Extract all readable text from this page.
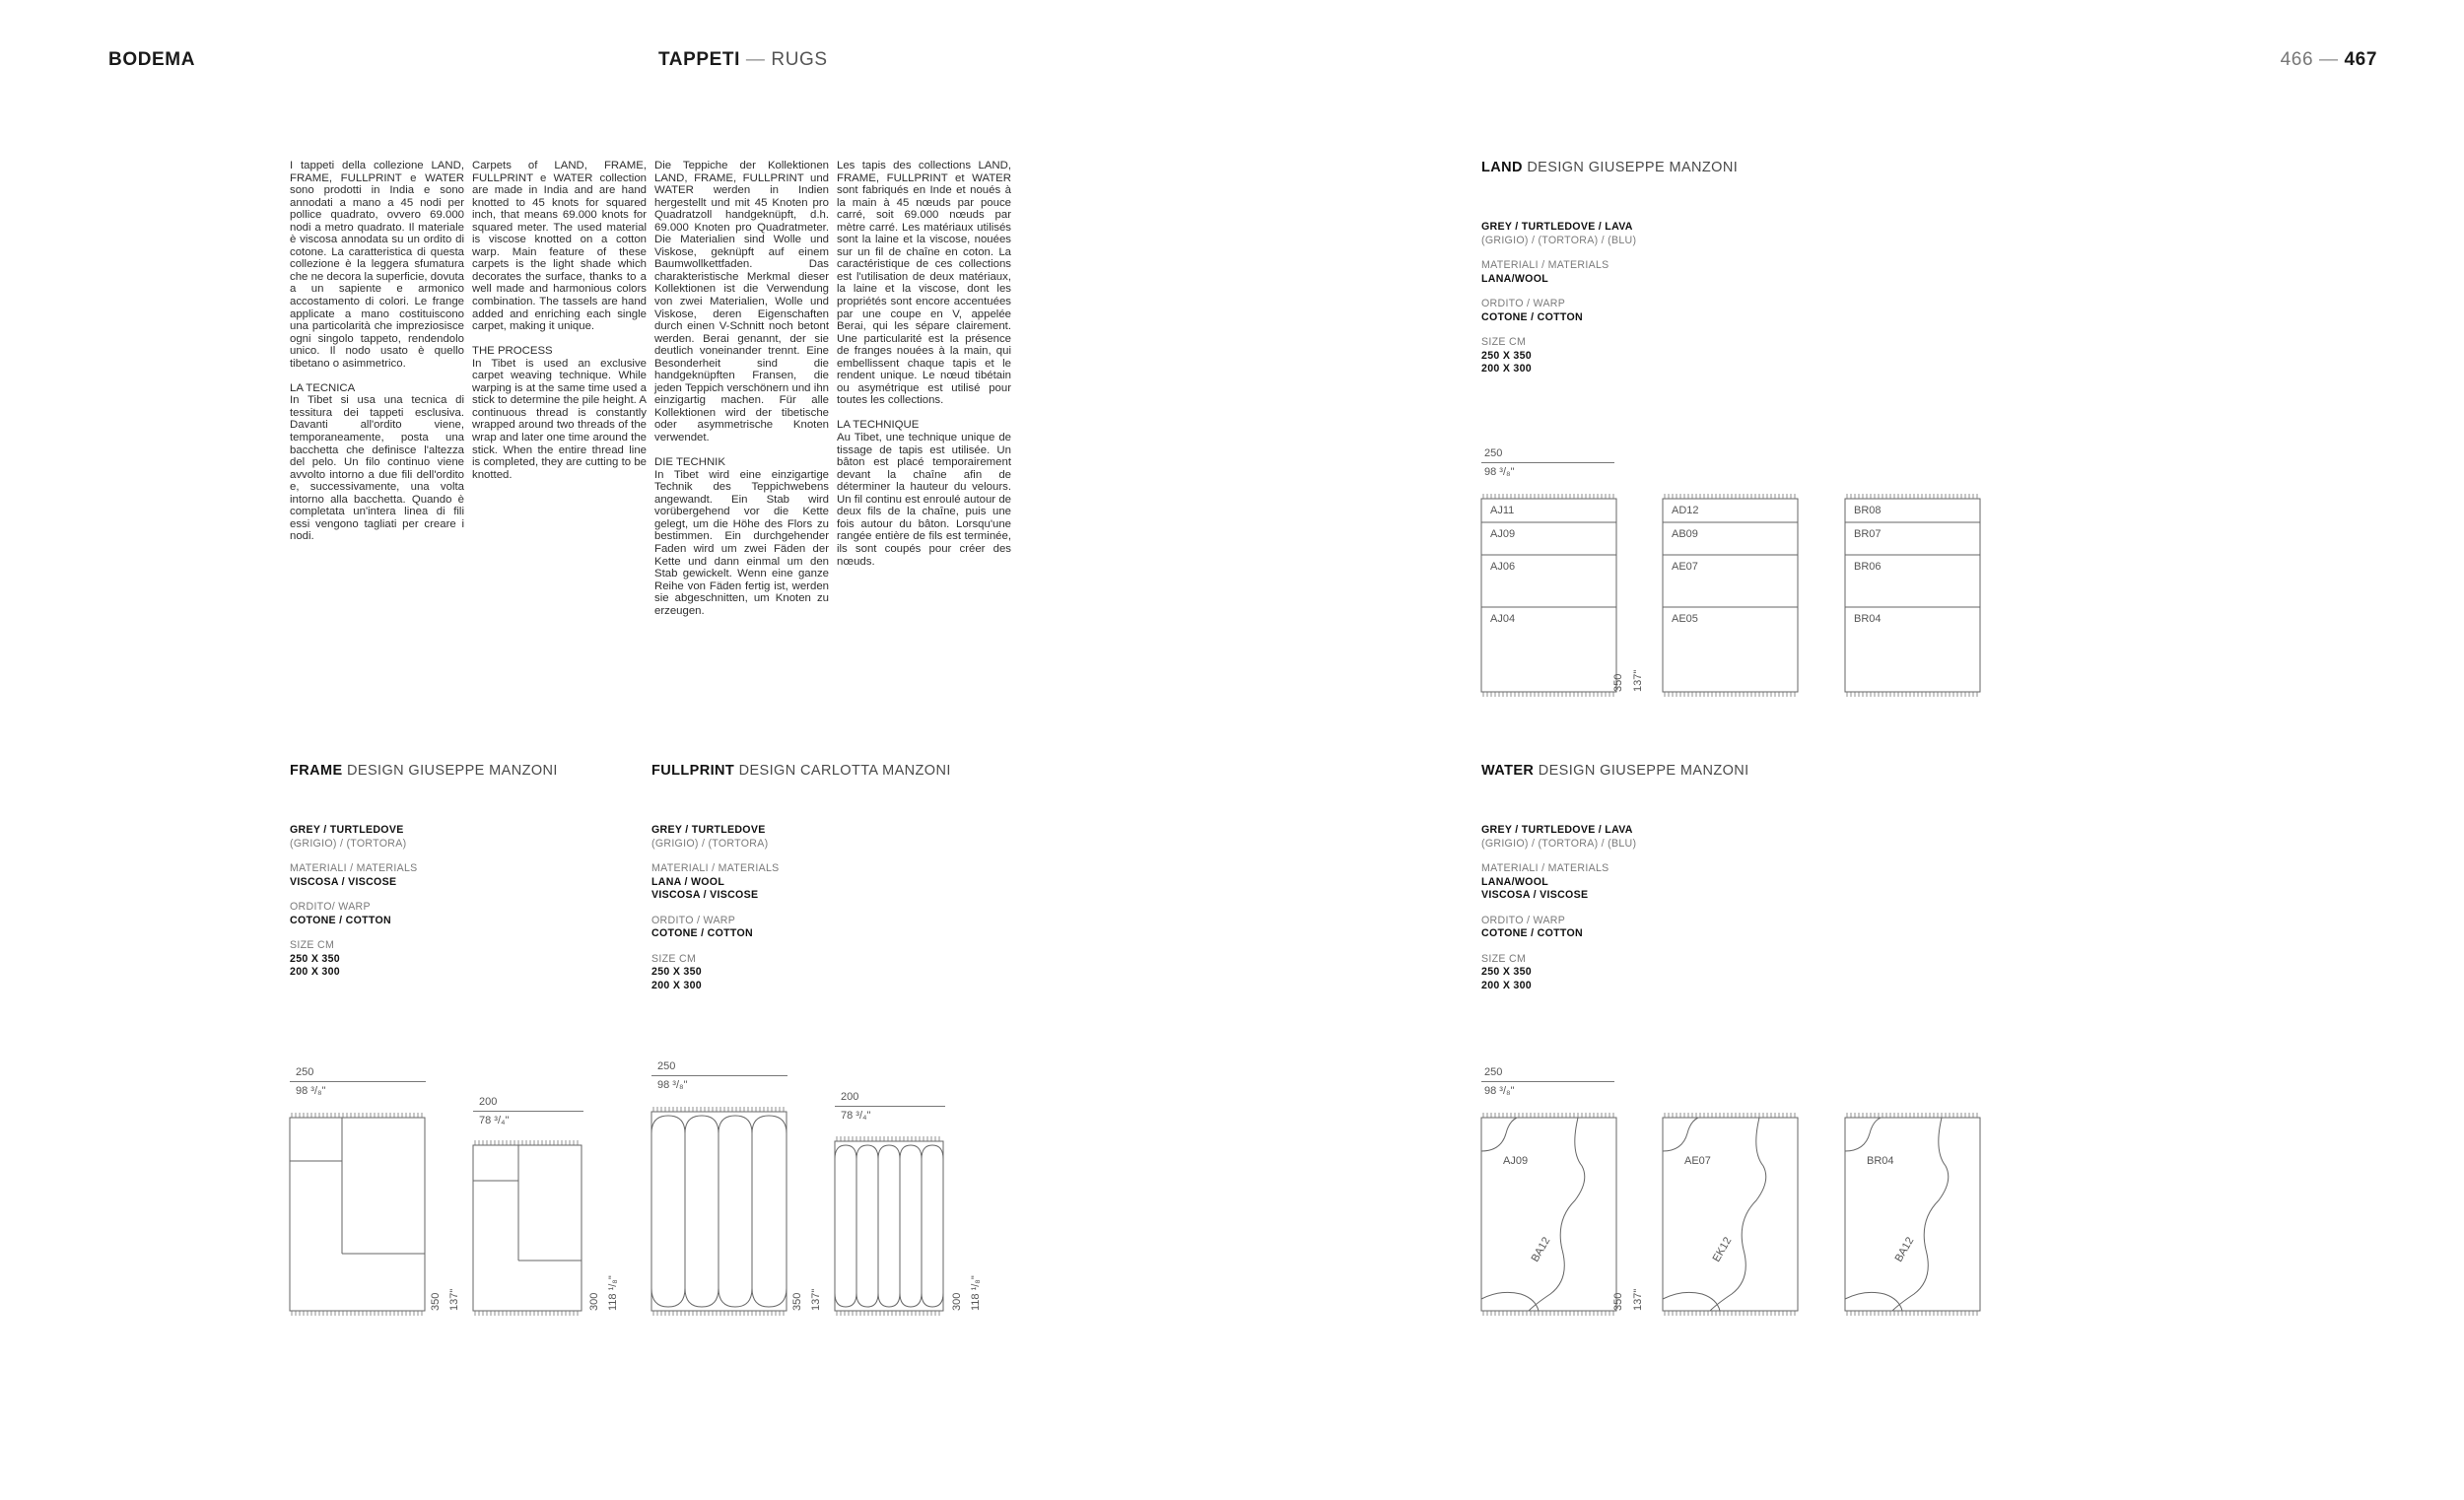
BODEMA	TAPPETI — RUGS	466 — 467
I tappeti della collezione LAND, FRAME, FULLPRINT e WATER sono prodotti in India e sono annodati a mano a 45 nodi per pollice quadrato, ovvero 69.000 nodi a metro quadrato. Il materiale è viscosa annodata su un ordito di cotone. La caratteristica di questa collezione è la leggera sfumatura che ne decora la superficie, dovuta a un sapiente e armonico accostamento di colori. Le frange applicate a mano costituiscono una particolarità che impreziosisce ogni singolo tappeto, rendendolo unico. Il nodo usato è quello tibetano o asimmetrico.

LA TECNICA
In Tibet si usa una tecnica di tessitura dei tappeti esclusiva. Davanti all'ordito viene, temporaneamente, posta una bacchetta che definisce l'altezza del pelo. Un filo continuo viene avvolto intorno a due fili dell'ordito e, successivamente, una volta intorno alla bacchetta. Quando è completata un'intera linea di fili essi vengono tagliati per creare i nodi.
Carpets of LAND, FRAME, FULLPRINT e WATER collection are made in India and are hand knotted to 45 knots for squared inch, that means 69.000 knots for squared meter. The used material is viscose knotted on a cotton warp. Main feature of these carpets is the light shade which decorates the surface, thanks to a well made and harmonious colors combination. The tassels are hand added and enriching each single carpet, making it unique.

THE PROCESS
In Tibet is used an exclusive carpet weaving technique. While warping is at the same time used a stick to determine the pile height. A continuous thread is constantly wrapped around two threads of the wrap and later one time around the stick. When the entire thread line is completed, they are cutting to be knotted.
Die Teppiche der Kollektionen LAND, FRAME, FULLPRINT und WATER werden in Indien hergestellt und mit 45 Knoten pro Quadratzoll handgeknüpft, d.h. 69.000 Knoten pro Quadratmeter. Die Materialien sind Wolle und Viskose, geknüpft auf einem Baumwollkettfaden. Das charakteristische Merkmal dieser Kollektionen ist die Verwendung von zwei Materialien, Wolle und Viskose, deren Eigenschaften durch einen V-Schnitt noch betont werden. Berai genannt, der sie deutlich voneinander trennt. Eine Besonderheit sind die handgeknüpften Fransen, die jeden Teppich verschönern und ihn einzigartig machen. Für alle Kollektionen wird der tibetische oder asymmetrische Knoten verwendet.

DIE TECHNIK
In Tibet wird eine einzigartige Technik des Teppichwebens angewandt. Ein Stab wird vorübergehend vor die Kette gelegt, um die Höhe des Flors zu bestimmen. Ein durchgehender Faden wird um zwei Fäden der Kette und dann einmal um den Stab gewickelt. Wenn eine ganze Reihe von Fäden fertig ist, werden sie abgeschnitten, um Knoten zu erzeugen.
Les tapis des collections LAND, FRAME, FULLPRINT et WATER sont fabriqués en Inde et noués à la main à 45 nœuds par pouce carré, soit 69.000 nœuds par mètre carré. Les matériaux utilisés sont la laine et la viscose, nouées sur un fil de chaîne en coton. La caractéristique de ces collections est l'utilisation de deux matériaux, la laine et la viscose, dont les propriétés sont encore accentuées par une coupe en V, appelée Berai, qui les sépare clairement. Une particularité est la présence de franges nouées à la main, qui embellissent chaque tapis et le rendent unique. Le nœud tibétain ou asymétrique est utilisé pour toutes les collections.

LA TECHNIQUE
Au Tibet, une technique unique de tissage de tapis est utilisée. Un bâton est placé temporairement devant la chaîne afin de déterminer la hauteur du velours. Un fil continu est enroulé autour de deux fils de la chaîne, puis une fois autour du bâton. Lorsqu'une rangée entière de fils est terminée, ils sont coupés pour créer des nœuds.
LAND DESIGN GIUSEPPE MANZONI
GREY / TURTLEDOVE / LAVA
(GRIGIO) / (TORTORA) / (BLU)
MATERIALI / MATERIALS
LANA/WOOL
ORDITO / WARP
COTONE / COTTON
SIZE CM
250 X 350
200 X 300
250
98 ³/₈"
AJ11
AJ09
AJ06
AJ04
AD12
AB09
AE07
AE05
BR08
BR07
BR06
BR04
350 137"
FRAME DESIGN GIUSEPPE MANZONI
GREY / TURTLEDOVE
(GRIGIO) / (TORTORA)
MATERIALI / MATERIALS
VISCOSA / VISCOSE
ORDITO/ WARP
COTONE / COTTON
SIZE CM
250 X 350
200 X 300
250
98 ³/₈"
200
78 ³/₄"
350 137"	300 118 ¹/₈"
FULLPRINT DESIGN CARLOTTA MANZONI
GREY / TURTLEDOVE
(GRIGIO) / (TORTORA)
MATERIALI / MATERIALS
LANA / WOOL
VISCOSA / VISCOSE
ORDITO / WARP
COTONE / COTTON
SIZE CM
250 X 350
200 X 300
250
98 ³/₈"
200
78 ³/₄"
350 137"	300 118 ¹/₈"
WATER DESIGN GIUSEPPE MANZONI
GREY / TURTLEDOVE / LAVA
(GRIGIO) / (TORTORA) / (BLU)
MATERIALI / MATERIALS
LANA/WOOL
VISCOSA / VISCOSE
ORDITO / WARP
COTONE / COTTON
SIZE CM
250 X 350
200 X 300
250
98 ³/₈"
AJ09	AE07	BR04
BA12	EK12	BA12
350 137"
